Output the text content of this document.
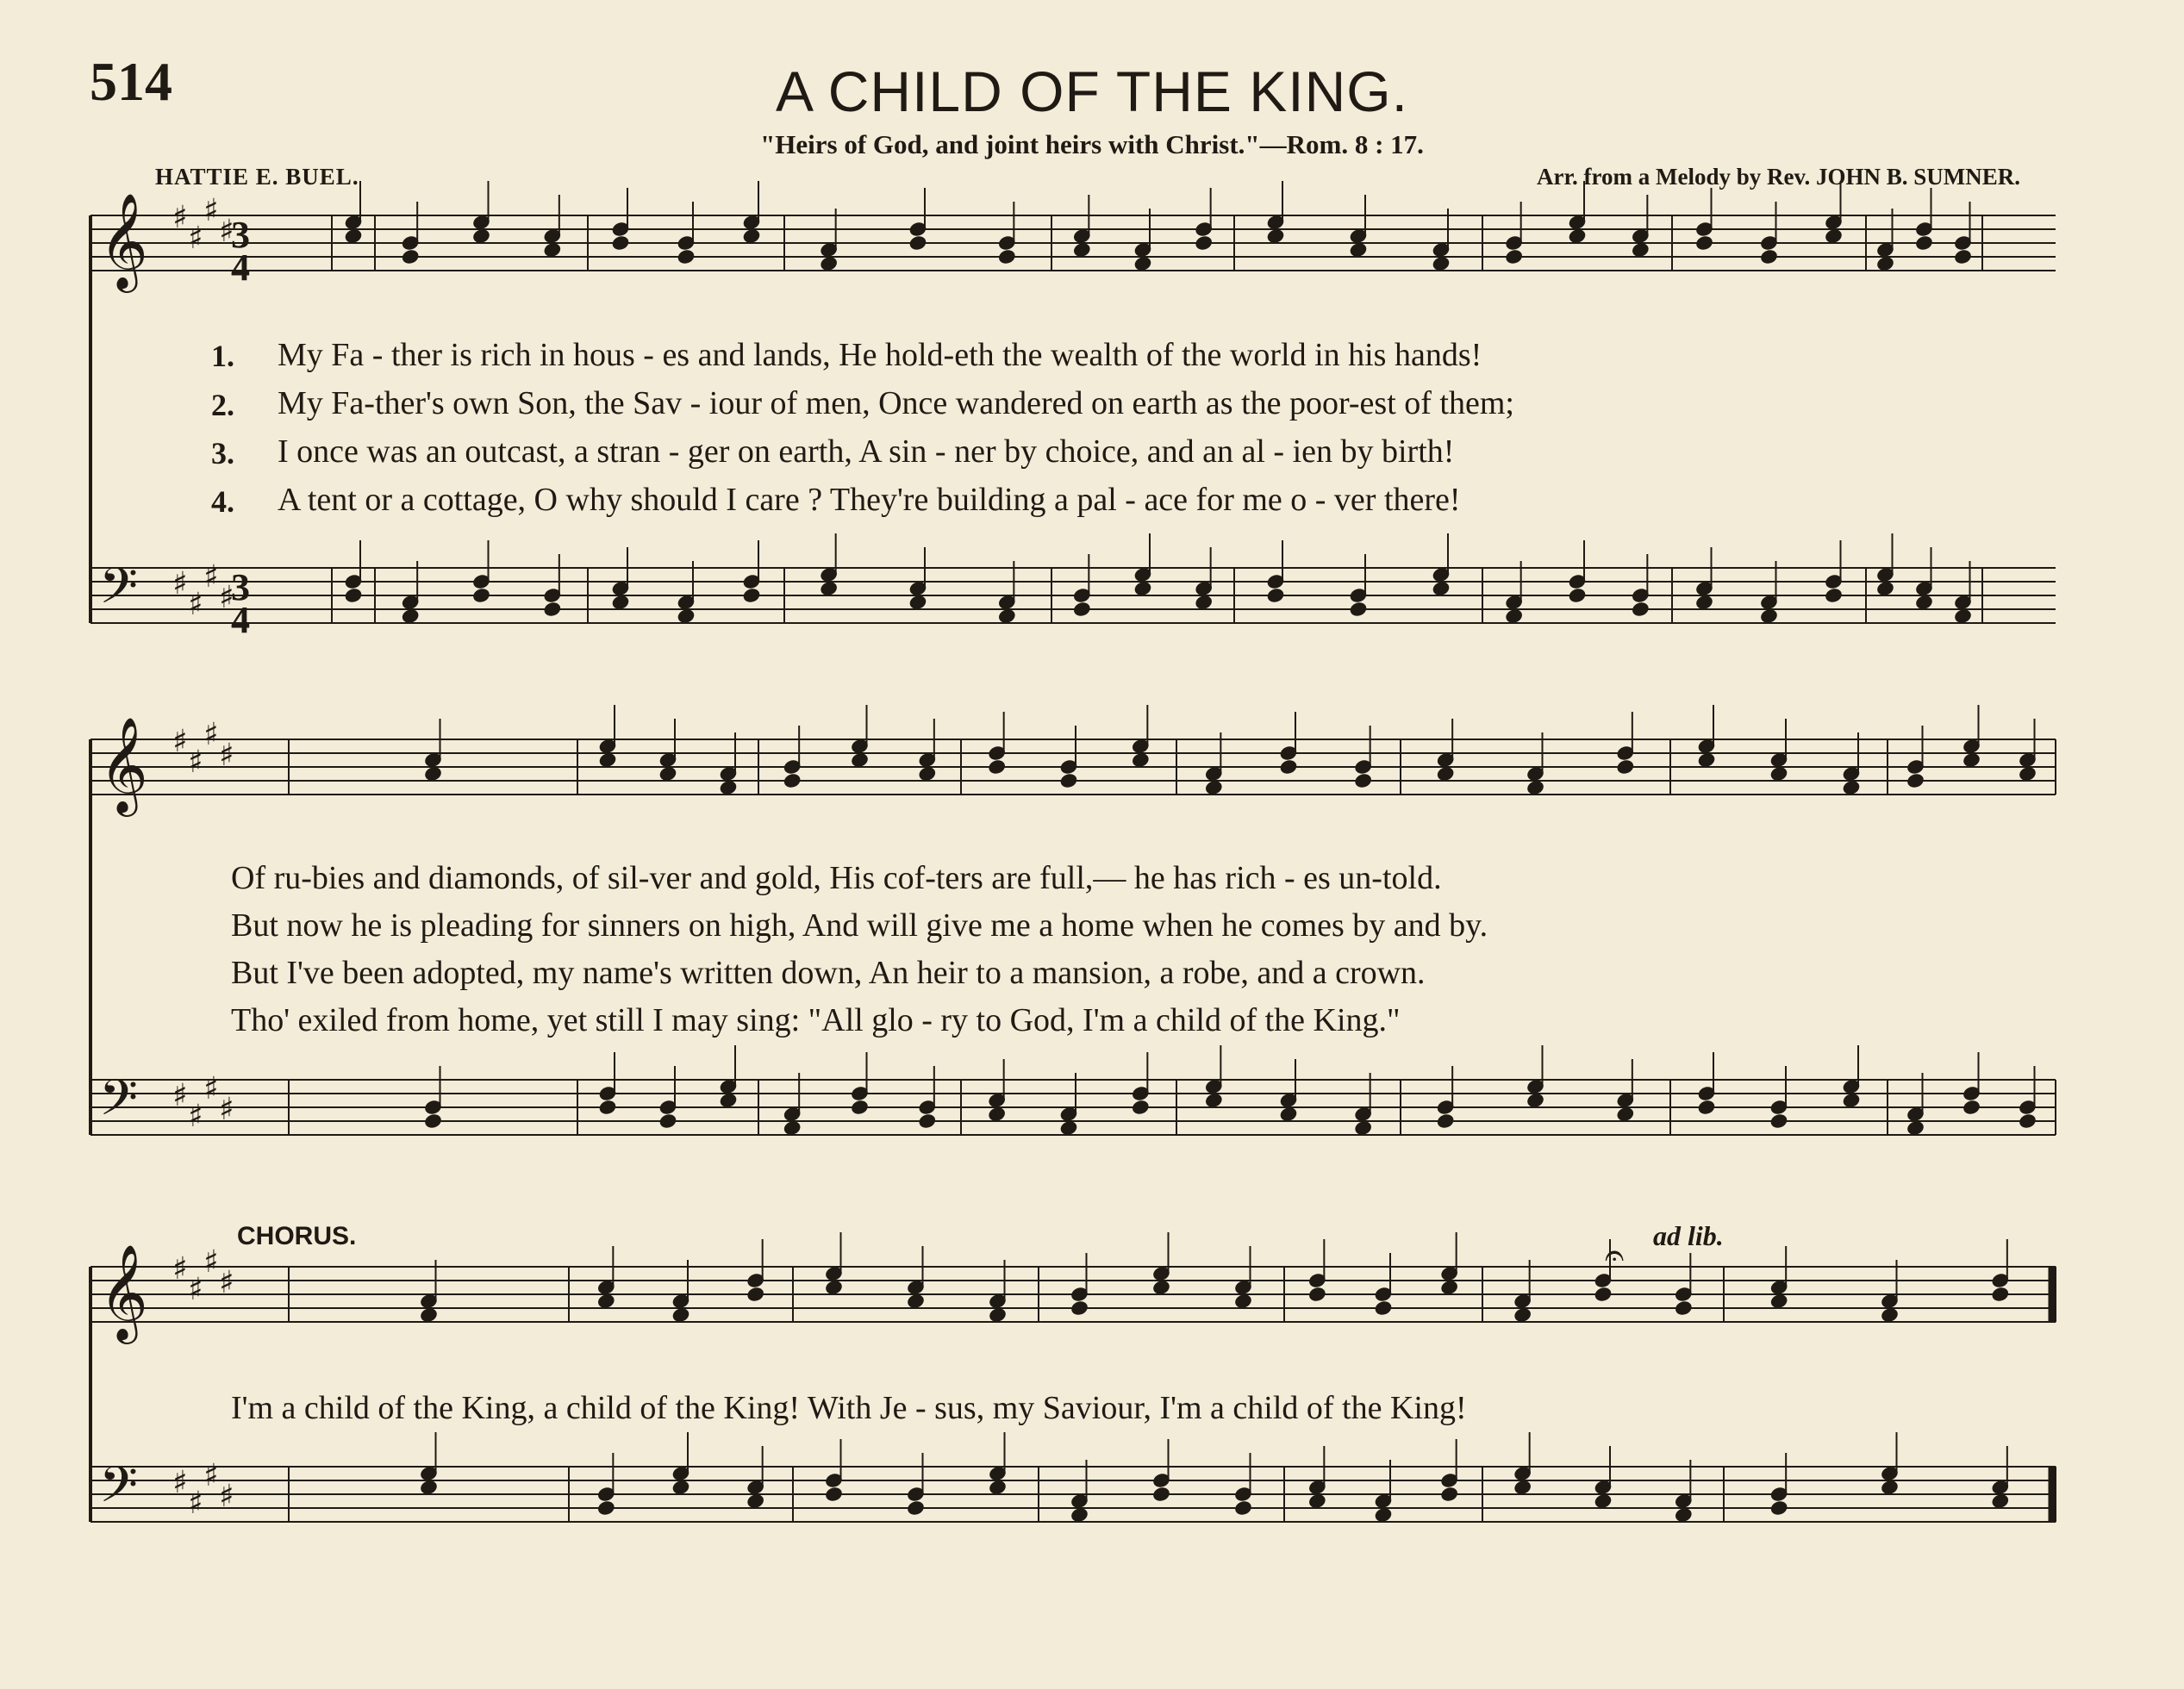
514	A CHILD OF THE KING.
"Heirs of God, and joint heirs with Christ."—Rom. 8 : 17.
HATTIE E. BUEL.	Arr. from a Melody by Rev. JOHN B. SUMNER.
𝄞 ♯
♯
♯
♯
𝄢 ♯
♯
♯
♯
𝄞 ♯
♯
♯
♯
𝄢 ♯
♯
♯
♯
𝄞 ♯
♯
♯
♯
𝄢 ♯
♯
♯
♯
𝄐
3
4
3
4
1.
2.
3.
4.
My Fa - ther is rich in hous - es and lands, He hold-eth the wealth of the world in his hands!
My Fa-ther's own Son, the Sav - iour of men, Once wandered on earth as the poor-est of them;
I once was an outcast, a stran - ger on earth, A sin - ner by choice, and an al - ien by birth!
A tent or a cottage, O why should I care ? They're building a pal - ace for me o - ver there!
Of ru-bies and diamonds, of sil-ver and gold, His cof-ters are full,— he has rich - es un-told.
But now he is pleading for sinners on high, And will give me a home when he comes by and by.
But I've been adopted, my name's written down, An heir to a mansion, a robe, and a crown.
Tho' exiled from home, yet still I may sing: "All glo - ry to God, I'm a child of the King."
CHORUS.	ad lib.
I'm a child of the King, a child of the King! With Je - sus, my Saviour, I'm a child of the King!
